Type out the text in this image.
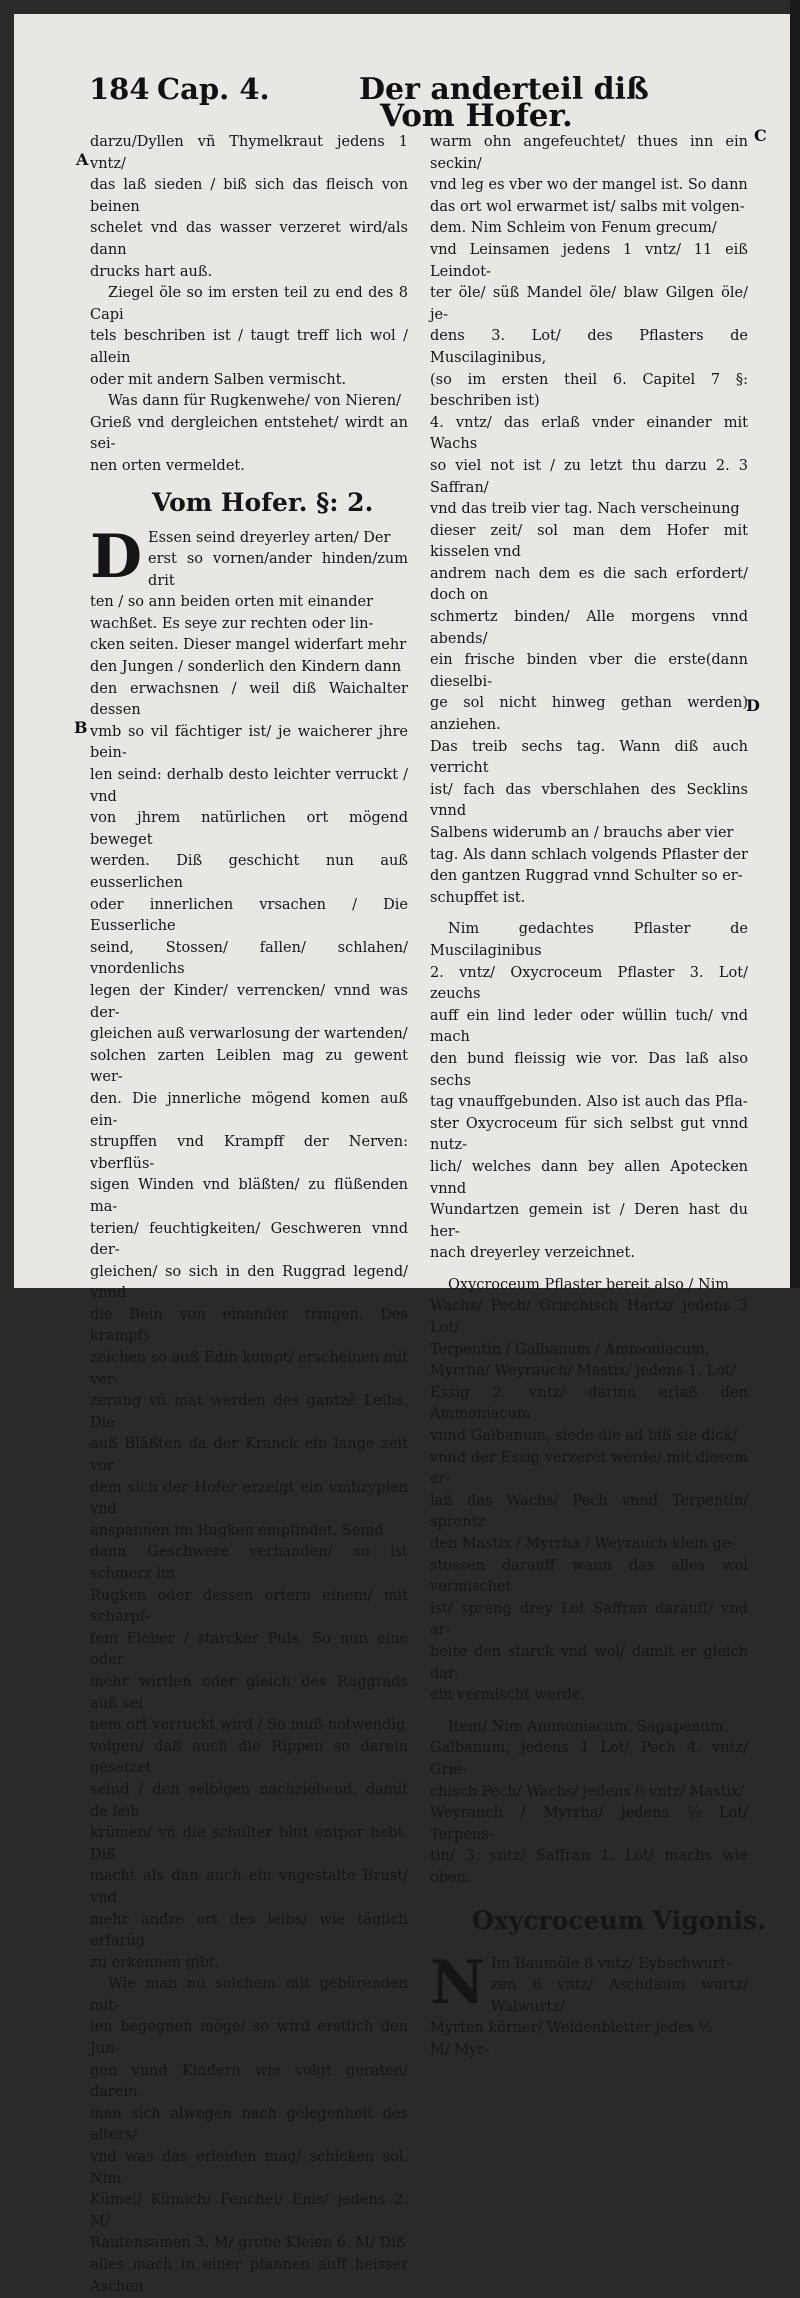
184 Cap. 4.	Der anderteil diß
Vom Hofer.
A
B
C
D

darzu/Dyllen vñ Thymelkraut jedens 1 vntz/
das laß sieden / biß sich das fleisch von beinen
schelet vnd das wasser verzeret wird/als dann
drucks hart auß.

Ziegel öle so im ersten teil zu end des 8 Capi
tels beschriben ist / taugt treff lich wol / allein
oder mit andern Salben vermischt.

Was dann für Rugkenwehe/ von Nieren/
Grieß vnd dergleichen entstehet/ wirdt an sei-
nen orten vermeldet.

Vom Hofer. §: 2.
D Essen seind dreyerley arten/ Der
erst so vornen/ander hinden/zum drit
ten / so ann beiden orten mit einander
wachßet. Es seye zur rechten oder lin-
cken seiten. Dieser mangel widerfart mehr
den Jungen / sonderlich den Kindern dann
den erwachsnen / weil diß Waichalter dessen
vmb so vil fächtiger ist/ je waicherer jhre bein-
len seind: derhalb desto leichter verruckt / vnd
von jhrem natürlichen ort mögend beweget
werden. Diß geschicht nun auß eusserlichen
oder innerlichen vrsachen / Die Eusserliche
seind, Stossen/ fallen/ schlahen/ vnordenlichs
legen der Kinder/ verrencken/ vnnd was der-
gleichen auß verwarlosung der wartenden/
solchen zarten Leiblen mag zu gewent wer-
den. Die jnnerliche mögend komen auß ein-
strupffen vnd Krampff der Nerven: vberflüs-
sigen Winden vnd bläßten/ zu flüßenden ma-
terien/ feuchtigkeiten/ Geschweren vnnd der-
gleichen/ so sich in den Ruggrad legend/ vnnd
die Bein von einander tringen. Des krampfs
zeichen so auß Edin kompt/ erscheinen mit ver-
zerung vñ mat werden des gantzê Leibs. Die
auß Bläßten da der Kranck ein lange zeit vor
dem sich der Hofer erzeigt ein vmbzyplen vnd
anspannen im Rugken empfindet. Seind
dann Geschwere verhanden/ so ist schmerz im
Rugken oder dessen ortern einem/ mit scharpf-
fem Fieber / starcker Puls. So nun eine oder
mehr wirtlen oder gleich des Ruggrads auß sei
nem ort verruckt wird / So muß notwendig
volgen/ daß auch die Rippen so darein gesetzet
seind / den selbigen nachziehend, damit de leib
krümen/ vñ die schulter blut entpor hebt. Diß
macht als dan auch ein vngestalte Brust/ vnd
mehr andre ort des leibs/ wie täglich erfarüg
zu erkennen gibt.

Wie man nu solchem mit gebürenden mit-
len begegnen möge/ so wird erstlich den Jun-
gen vnnd Kindern wie volgt geraten/ darein
man sich alwegen nach gelegenheit des alters/
vnd was das erleiden mag/ schicken sol. Nim
Kümel/ Kümich/ Fenchel/ Enis/ jedens 2. M/
Rautensamen 3. M/ grobe Kleien 6. M/ Diß
alles mach in einer pfannen auff heisser Aschen

warm ohn angefeuchtet/ thues inn ein seckin/
vnd leg es vber wo der mangel ist. So dann
das ort wol erwarmet ist/ salbs mit volgen-
dem. Nim Schleim von Fenum grecum/
vnd Leinsamen jedens 1 vntz/ 11 eiß Leindot-
ter öle/ süß Mandel öle/ blaw Gilgen öle/ je-
dens 3. Lot/ des Pflasters de Muscilaginibus,
(so im ersten theil 6. Capitel 7 §: beschriben ist)
4. vntz/ das erlaß vnder einander mit Wachs
so viel not ist / zu letzt thu darzu 2. 3 Saffran/
vnd das treib vier tag. Nach verscheinung
dieser zeit/ sol man dem Hofer mit kisselen vnd
andrem nach dem es die sach erfordert/ doch on
schmertz binden/ Alle morgens vnnd abends/
ein frische binden vber die erste(dann dieselbi-
ge sol nicht hinweg gethan werden) anziehen.
Das treib sechs tag. Wann diß auch verricht
ist/ fach das vberschlahen des Secklins vnnd
Salbens widerumb an / brauchs aber vier
tag. Als dann schlach volgends Pflaster der
den gantzen Ruggrad vnnd Schulter so er-
schupffet ist.

Nim gedachtes Pflaster de Muscilaginibus
2. vntz/ Oxycroceum Pflaster 3. Lot/ zeuchs
auff ein lind leder oder wüllin tuch/ vnd mach
den bund fleissig wie vor. Das laß also sechs
tag vnauffgebunden. Also ist auch das Pfla-
ster Oxycroceum für sich selbst gut vnnd nutz-
lich/ welches dann bey allen Apotecken vnnd
Wundartzen gemein ist / Deren hast du her-
nach dreyerley verzeichnet.

Oxycroceum Pflaster bereit also / Nim
Wachs/ Pech/ Griechisch Hartz/ jedens 3 Lot/
Terpentin / Galbanum / Ammoniacum,
Myrrha/ Weyrauch/ Mastix/ jedens 1. Lot/
Essig 2. vntz/ darinn erlaß den Ammoniacum
vnnd Galbanum, siede die ad biß sie dick/
vnnd der Essig verzeret werde/ mit diesem er-
laß das Wachs/ Pech vnnd Terpentin/ sprentz
den Mastix / Myrrha / Weyrauch klein ge-
stossen darauff wann das alles wol vermischet
ist/ spreng drey Lot Saffran darauff/ vnd ar-
beite den starck vnd wol/ damit er gleich dar-
ein vermischt werde.

Item/ Nim Ammoniacum, Sagapenum,
Galbanum, jedens 1 Lot/ Pech 4. vntz/ Grie-
chisch Pech/ Wachs/ jedens 6 vntz/ Mastix/
Weyrauch / Myrrha/ jedens ½ Lot/ Terpens-
tin/ 3. vntz/ Saffran 1. Lot/ machs wie oben.

Oxycroceum Vigonis.
N Im Baumöle 8 vntz/ Eybschwurt-
zen 6 vntz/ Aschdaum wurtz/ Walwurtz/
Myrten körner/ Weidenbletter jedes ½
M/ Myr-
